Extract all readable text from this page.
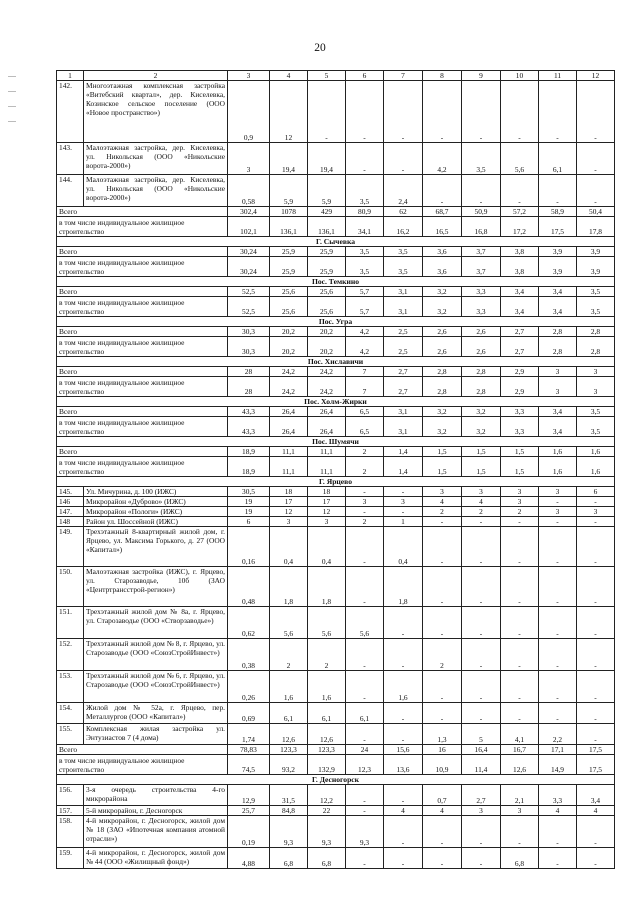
20
1	2	3	4	5	6	7	8	9	10	11	12
142.	Многоэтажная комплексная застройка «Витебский квартал», дер. Киселевка, Козинское сельское поселение (ООО «Новое пространство»)	0,9	12	-	-	-	-	-	-	-	-
143.	Малоэтажная застройка, дер. Киселевка, ул. Никольская (ООО «Никольские ворота-2000»)	3	19,4	19,4	-	-	4,2	3,5	5,6	6,1	-
144.	Малоэтажная застройка, дер. Киселевка, ул. Никольская (ООО «Никольские ворота-2000»)	0,58	5,9	5,9	3,5	2,4	-	-	-	-	-
Всего		302,4	1078	429	80,9	62	68,7	50,9	57,2	58,9	50,4
в том числе индивидуальное жилищное строительство		102,1	136,1	136,1	34,1	16,2	16,5	16,8	17,2	17,5	17,8
Г. Сычевка											
Всего		30,24	25,9	25,9	3,5	3,5	3,6	3,7	3,8	3,9	3,9
в том числе индивидуальное жилищное строительство		30,24	25,9	25,9	3,5	3,5	3,6	3,7	3,8	3,9	3,9
Пос. Темкино											
Всего		52,5	25,6	25,6	5,7	3,1	3,2	3,3	3,4	3,4	3,5
в том числе индивидуальное жилищное строительство		52,5	25,6	25,6	5,7	3,1	3,2	3,3	3,4	3,4	3,5
Пос. Угра											
Всего		30,3	20,2	20,2	4,2	2,5	2,6	2,6	2,7	2,8	2,8
в том числе индивидуальное жилищное строительство		30,3	20,2	20,2	4,2	2,5	2,6	2,6	2,7	2,8	2,8
Пос. Хиславичи											
Всего		28	24,2	24,2	7	2,7	2,8	2,8	2,9	3	3
в том числе индивидуальное жилищное строительство		28	24,2	24,2	7	2,7	2,8	2,8	2,9	3	3
Пос. Холм-Жирки											
Всего		43,3	26,4	26,4	6,5	3,1	3,2	3,2	3,3	3,4	3,5
в том числе индивидуальное жилищное строительство		43,3	26,4	26,4	6,5	3,1	3,2	3,2	3,3	3,4	3,5
Пос. Шумячи											
Всего		18,9	11,1	11,1	2	1,4	1,5	1,5	1,5	1,6	1,6
в том числе индивидуальное жилищное строительство		18,9	11,1	11,1	2	1,4	1,5	1,5	1,5	1,6	1,6
Г. Ярцево											
145.	Ул. Мичурина, д. 100 (ИЖС)	30,5	18	18	-	-	3	3	3	3	6
146	Микрорайон «Дуброво» (ИЖС)	19	17	17	3	3	4	4	3	-	-
147.	Микрорайон «Пологи» (ИЖС)	19	12	12	-	-	2	2	2	3	3
148	Район ул. Шоссейной (ИЖС)	6	3	3	2	1	-	-	-	-	-
149.	Трехэтажный 8-квартирный жилой дом, г. Ярцево, ул. Максима Горького, д. 27 (ООО «Капитал»)	0,16	0,4	0,4	-	0,4	-	-	-	-	-
150.	Малоэтажная застройка (ИЖС), г. Ярцево, ул. Старозаводье, 10б (ЗАО «Центртрансстрой-регион»)	0,48	1,8	1,8	-	1,8	-	-	-	-	-
151.	Трехэтажный жилой дом № 8а, г. Ярцево, ул. Старозаводье (ООО «Створзаводье»)	0,62	5,6	5,6	5,6	-	-	-	-	-	-
152.	Трехэтажный жилой дом № 8, г. Ярцево, ул. Старозаводье (ООО «СоюзСтройИнвест»)	0,38	2	2	-	-	2	-	-	-	-
153.	Трехэтажный жилой дом № 6, г. Ярцево, ул. Старозаводье (ООО «СоюзСтройИнвест»)	0,26	1,6	1,6	-	1,6	-	-	-	-	-
154.	Жилой дом № 52а, г. Ярцево, пер. Металлургов (ООО «Капитал»)	0,69	6,1	6,1	6,1	-	-	-	-	-	-
155.	Комплексная жилая застройка ул. Энтузиастов 7 (4 дома)	1,74	12,6	12,6	-	-	1,3	5	4,1	2,2	-
Всего		78,83	123,3	123,3	24	15,6	16	16,4	16,7	17,1	17,5
в том числе индивидуальное жилищное строительство		74,5	93,2	132,9	12,3	13,6	10,9	11,4	12,6	14,9	17,5
Г. Десногорск											
156.	3-я очередь строительства 4-го микрорайона	12,9	31,5	12,2	-	-	0,7	2,7	2,1	3,3	3,4
157.	5-й микрорайон, г. Десногорск	25,7	84,8	22	-	4	4	3	3	4	4
158.	4-й микрорайон, г. Десногорск, жилой дом № 18 (ЗАО «Ипотечная компания атомной отрасли»)	0,19	9,3	9,3	9,3	-	-	-	-	-	-
159.	4-й микрорайон, г. Десногорск, жилой дом № 44 (ООО «Жилищный фонд»)	4,88	6,8	6,8	-	-	-	-	6,8	-	-
